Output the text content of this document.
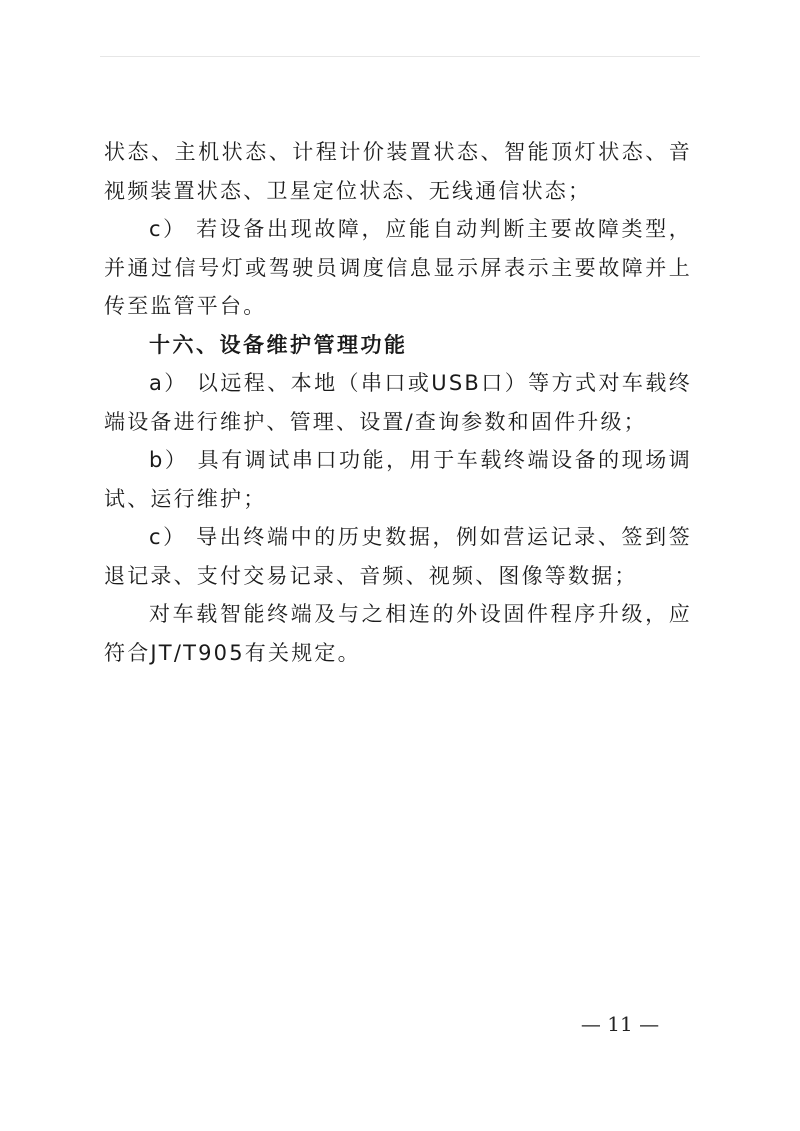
状态、主机状态、计程计价装置状态、智能顶灯状态、音视频装置状态、卫星定位状态、无线通信状态；

c） 若设备出现故障，应能自动判断主要故障类型，并通过信号灯或驾驶员调度信息显示屏表示主要故障并上传至监管平台。

十六、设备维护管理功能

a） 以远程、本地（串口或USB口）等方式对车载终端设备进行维护、管理、设置/查询参数和固件升级；

b） 具有调试串口功能，用于车载终端设备的现场调试、运行维护；

c） 导出终端中的历史数据，例如营运记录、签到签退记录、支付交易记录、音频、视频、图像等数据；

对车载智能终端及与之相连的外设固件程序升级，应符合JT/T905有关规定。

— 11 —
